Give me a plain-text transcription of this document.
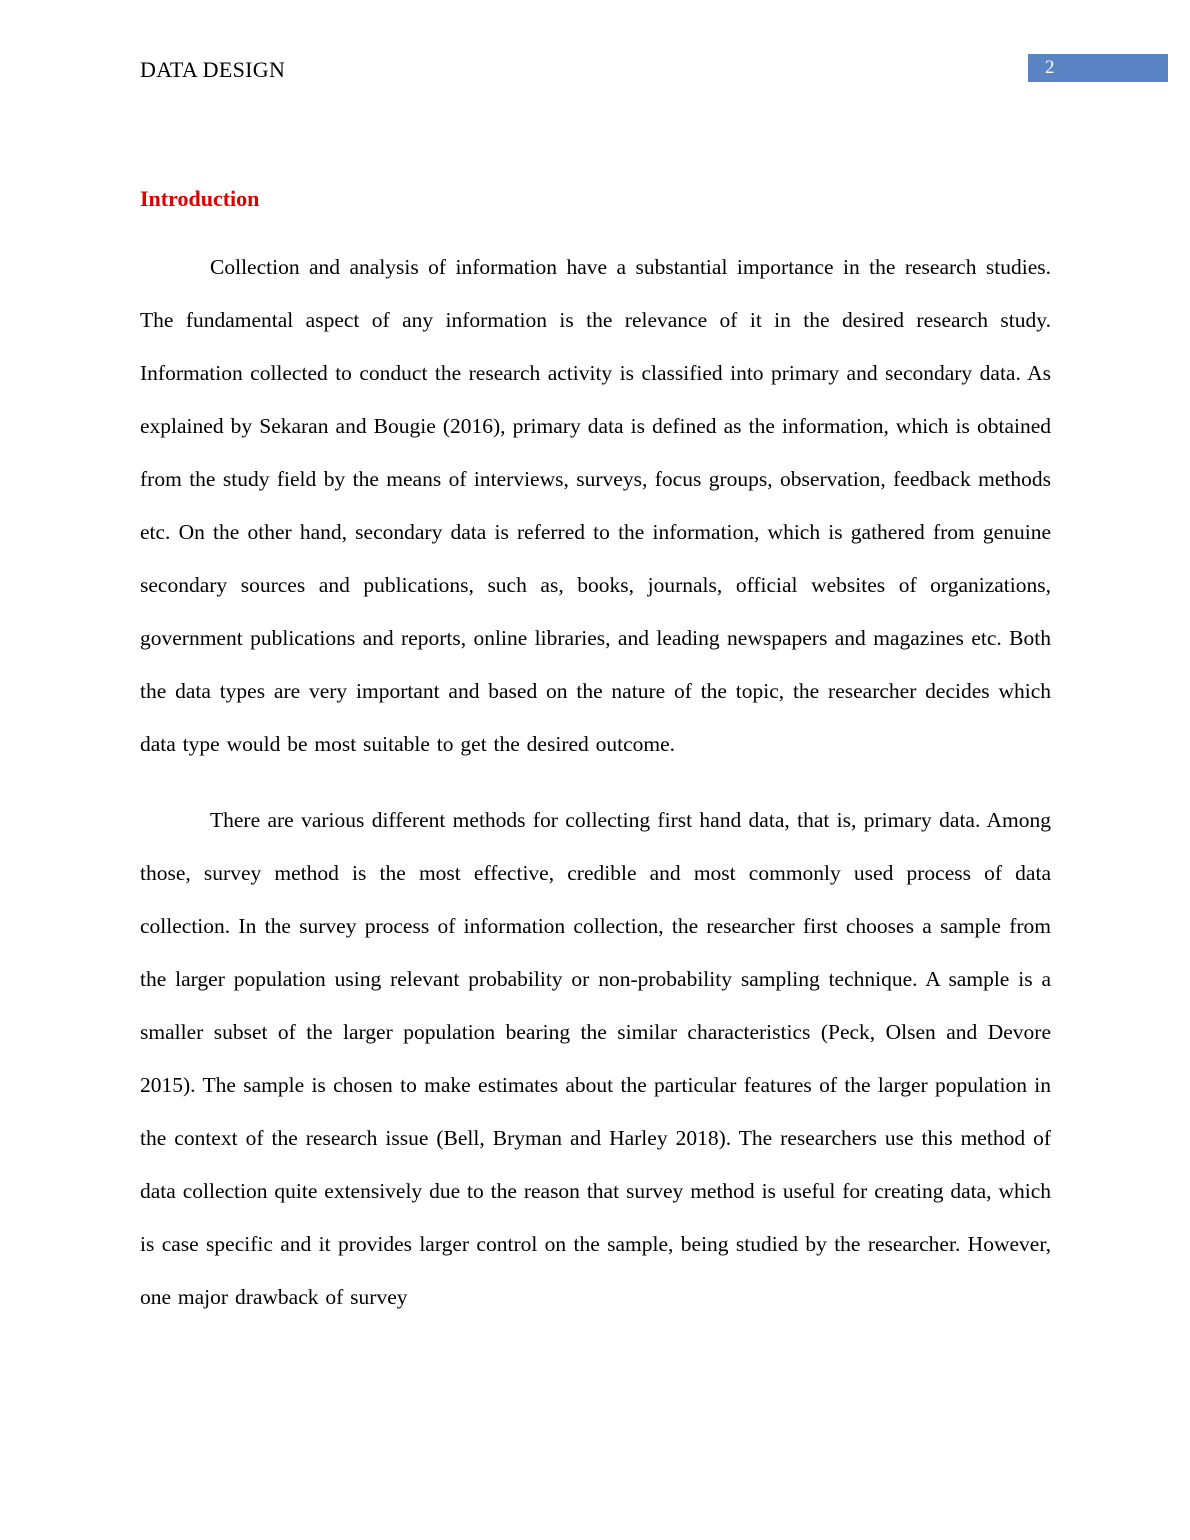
DATA DESIGN	2
Introduction

Collection and analysis of information have a substantial importance in the research studies. The fundamental aspect of any information is the relevance of it in the desired research study. Information collected to conduct the research activity is classified into primary and secondary data. As explained by Sekaran and Bougie (2016), primary data is defined as the information, which is obtained from the study field by the means of interviews, surveys, focus groups, observation, feedback methods etc. On the other hand, secondary data is referred to the information, which is gathered from genuine secondary sources and publications, such as, books, journals, official websites of organizations, government publications and reports, online libraries, and leading newspapers and magazines etc. Both the data types are very important and based on the nature of the topic, the researcher decides which data type would be most suitable to get the desired outcome.

There are various different methods for collecting first hand data, that is, primary data. Among those, survey method is the most effective, credible and most commonly used process of data collection. In the survey process of information collection, the researcher first chooses a sample from the larger population using relevant probability or non-probability sampling technique. A sample is a smaller subset of the larger population bearing the similar characteristics (Peck, Olsen and Devore 2015). The sample is chosen to make estimates about the particular features of the larger population in the context of the research issue (Bell, Bryman and Harley 2018). The researchers use this method of data collection quite extensively due to the reason that survey method is useful for creating data, which is case specific and it provides larger control on the sample, being studied by the researcher. However, one major drawback of survey
